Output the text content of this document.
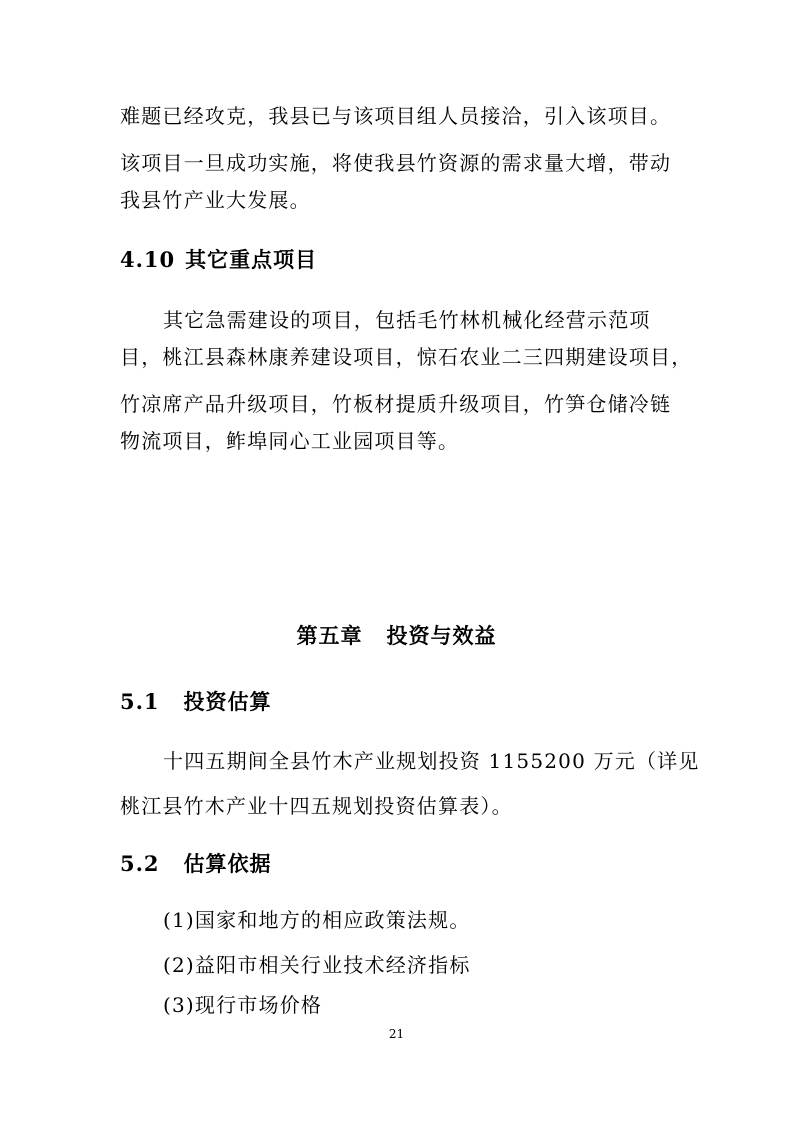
难题已经攻克，我县已与该项目组人员接洽，引入该项目。
该项目一旦成功实施，将使我县竹资源的需求量大增，带动
我县竹产业大发展。
4.10 其它重点项目
其它急需建设的项目，包括毛竹林机械化经营示范项
目，桃江县森林康养建设项目，惊石农业二三四期建设项目，
竹凉席产品升级项目，竹板材提质升级项目，竹笋仓储冷链
物流项目，鲊埠同心工业园项目等。
第五章 投资与效益
5.1 投资估算
十四五期间全县竹木产业规划投资 1155200 万元（详见
桃江县竹木产业十四五规划投资估算表）。
5.2 估算依据
(1)国家和地方的相应政策法规。
(2)益阳市相关行业技术经济指标
(3)现行市场价格
21
